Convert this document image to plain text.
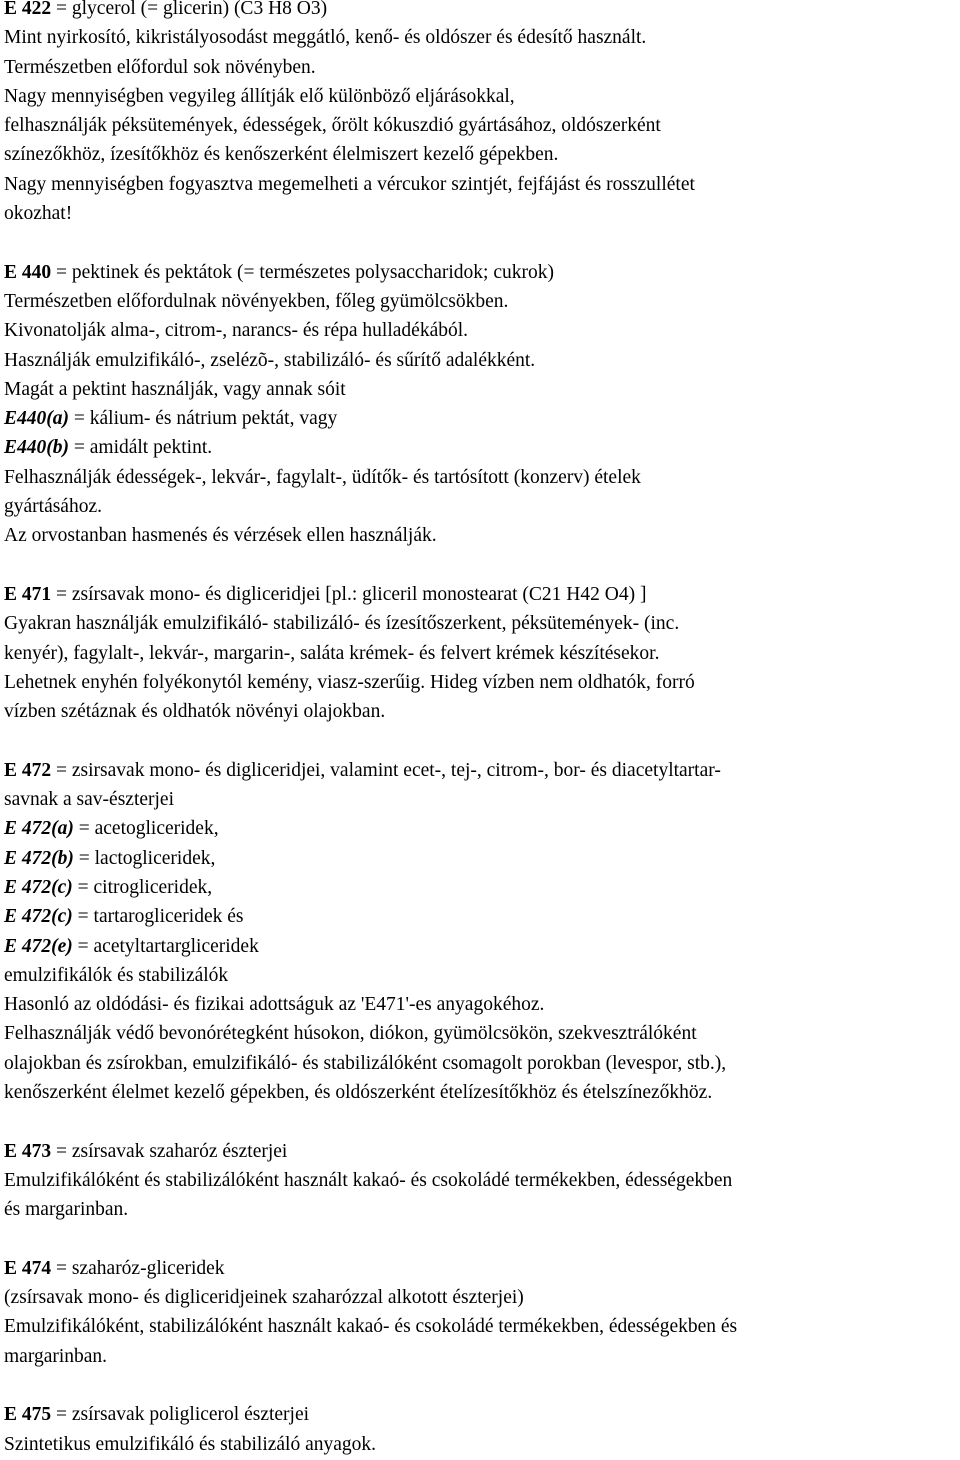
E 422 = glycerol (= glicerin) (C3 H8 O3)
Mint nyirkosító, kikristályosodást meggátló, kenő- és oldószer és édesítő használt.
Természetben előfordul sok növényben.
Nagy mennyiségben vegyileg állítják elő különböző eljárásokkal,
felhasználják péksütemények, édességek, őrölt kókuszdió gyártásához, oldószerként
színezőkhöz, ízesítőkhöz és kenőszerként élelmiszert kezelő gépekben.
Nagy mennyiségben fogyasztva megemelheti a vércukor szintjét, fejfájást és rosszullétet
okozhat!
E 440 = pektinek és pektátok (= természetes polysaccharidok; cukrok)
Természetben előfordulnak növényekben, főleg gyümölcsökben.
Kivonatolják alma-, citrom-, narancs- és répa hulladékából.
Használják emulzifikáló-, zselézõ-, stabilizáló- és sűrítő adalékként.
Magát a pektint használják, vagy annak sóit
E440(a) = kálium- és nátrium pektát, vagy
E440(b) = amidált pektint.
Felhasználják édességek-, lekvár-, fagylalt-, üdítők- és tartósított (konzerv) ételek
gyártásához.
Az orvostanban hasmenés és vérzések ellen használják.
E 471 = zsírsavak mono- és digliceridjei [pl.: gliceril monostearat (C21 H42 O4) ]
Gyakran használják emulzifikáló- stabilizáló- és ízesítőszerkent, péksütemények- (inc.
kenyér), fagylalt-, lekvár-, margarin-, saláta krémek- és felvert krémek készítésekor.
Lehetnek enyhén folyékonytól kemény, viasz-szerűig. Hideg vízben nem oldhatók, forró
vízben szétáznak és oldhatók növényi olajokban.
E 472 = zsirsavak mono- és digliceridjei, valamint ecet-, tej-, citrom-, bor- és diacetyltartar-
savnak a sav-észterjei
E 472(a) = acetogliceridek,
E 472(b) = lactogliceridek,
E 472(c) = citrogliceridek,
E 472(c) = tartarogliceridek és
E 472(e) = acetyltartargliceridek
emulzifikálók és stabilizálók
Hasonló az oldódási- és fizikai adottságuk az 'E471'-es anyagokéhoz.
Felhasználják védő bevonórétegként húsokon, diókon, gyümölcsökön, szekvesztrálóként
olajokban és zsírokban, emulzifikáló- és stabilizálóként csomagolt porokban (levespor, stb.),
kenőszerként élelmet kezelő gépekben, és oldószerként ételízesítőkhöz és ételszínezőkhöz.
E 473 = zsírsavak szaharóz észterjei
Emulzifikálóként és stabilizálóként használt kakaó- és csokoládé termékekben, édességekben
és margarinban.
E 474 = szaharóz-gliceridek
(zsírsavak mono- és digliceridjeinek szaharózzal alkotott észterjei)
Emulzifikálóként, stabilizálóként használt kakaó- és csokoládé termékekben, édességekben és
margarinban.
E 475 = zsírsavak poliglicerol észterjei
Szintetikus emulzifikáló és stabilizáló anyagok.
